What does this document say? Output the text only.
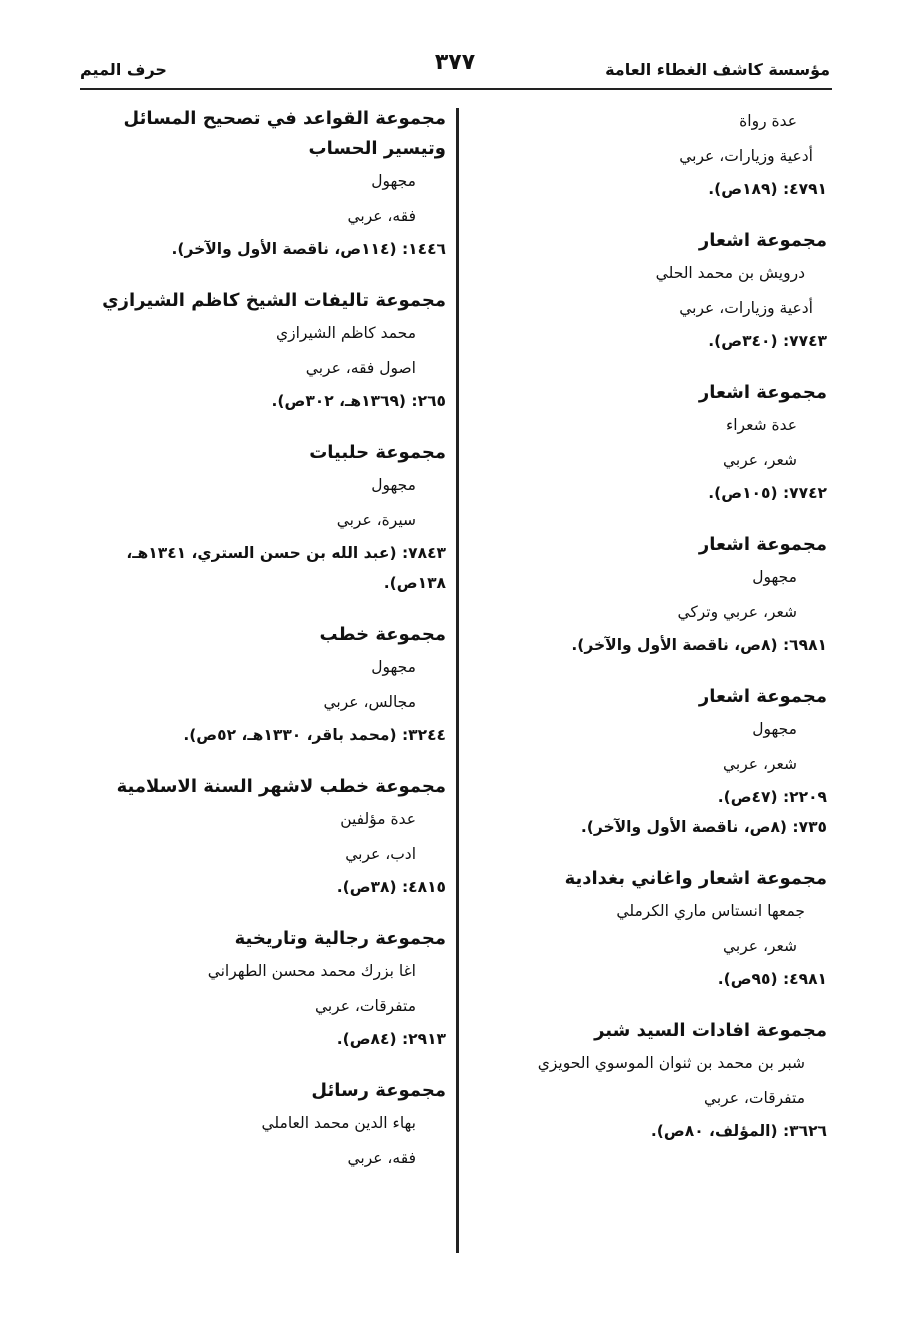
مؤسسة كاشف الغطاء العامة
٣٧٧
حرف الميم
عدة رواة
أدعية وزيارات، عربي
٤٧٩١: (١٨٩ص).
مجموعة اشعار
درويش بن محمد الحلي
أدعية وزيارات، عربي
٧٧٤٣: (٣٤٠ص).
مجموعة اشعار
عدة شعراء
شعر، عربي
٧٧٤٢: (١٠٥ص).
مجموعة اشعار
مجهول
شعر، عربي وتركي
٦٩٨١: (٨ص، ناقصة الأول والآخر).
مجموعة اشعار
مجهول
شعر، عربي
٢٢٠٩: (٤٧ص).
٧٣٥: (٨ص، ناقصة الأول والآخر).
مجموعة اشعار واغاني بغدادية
جمعها انستاس ماري الكرملي
شعر، عربي
٤٩٨١: (٩٥ص).
مجموعة افادات السيد شبر
شبر بن محمد بن ثنوان الموسوي الحويزي
متفرقات، عربي
٣٦٢٦: (المؤلف، ٨٠ص).
مجموعة القواعد في تصحيح المسائل وتيسير الحساب
مجهول
فقه، عربي
١٤٤٦: (١١٤ص، ناقصة الأول والآخر).
مجموعة تاليفات الشيخ كاظم الشيرازي
محمد كاظم الشيرازي
اصول فقه، عربي
٢٦٥: (١٣٦٩هـ، ٣٠٢ص).
مجموعة حلبيات
مجهول
سيرة، عربي
٧٨٤٣: (عبد الله بن حسن الستري، ١٣٤١هـ، ١٣٨ص).
مجموعة خطب
مجهول
مجالس، عربي
٣٢٤٤: (محمد باقر، ١٣٣٠هـ، ٥٢ص).
مجموعة خطب لاشهر السنة الاسلامية
عدة مؤلفين
ادب، عربي
٤٨١٥: (٣٨ص).
مجموعة رجالية وتاريخية
اغا بزرك محمد محسن الطهراني
متفرقات، عربي
٢٩١٣: (٨٤ص).
مجموعة رسائل
بهاء الدين محمد العاملي
فقه، عربي
